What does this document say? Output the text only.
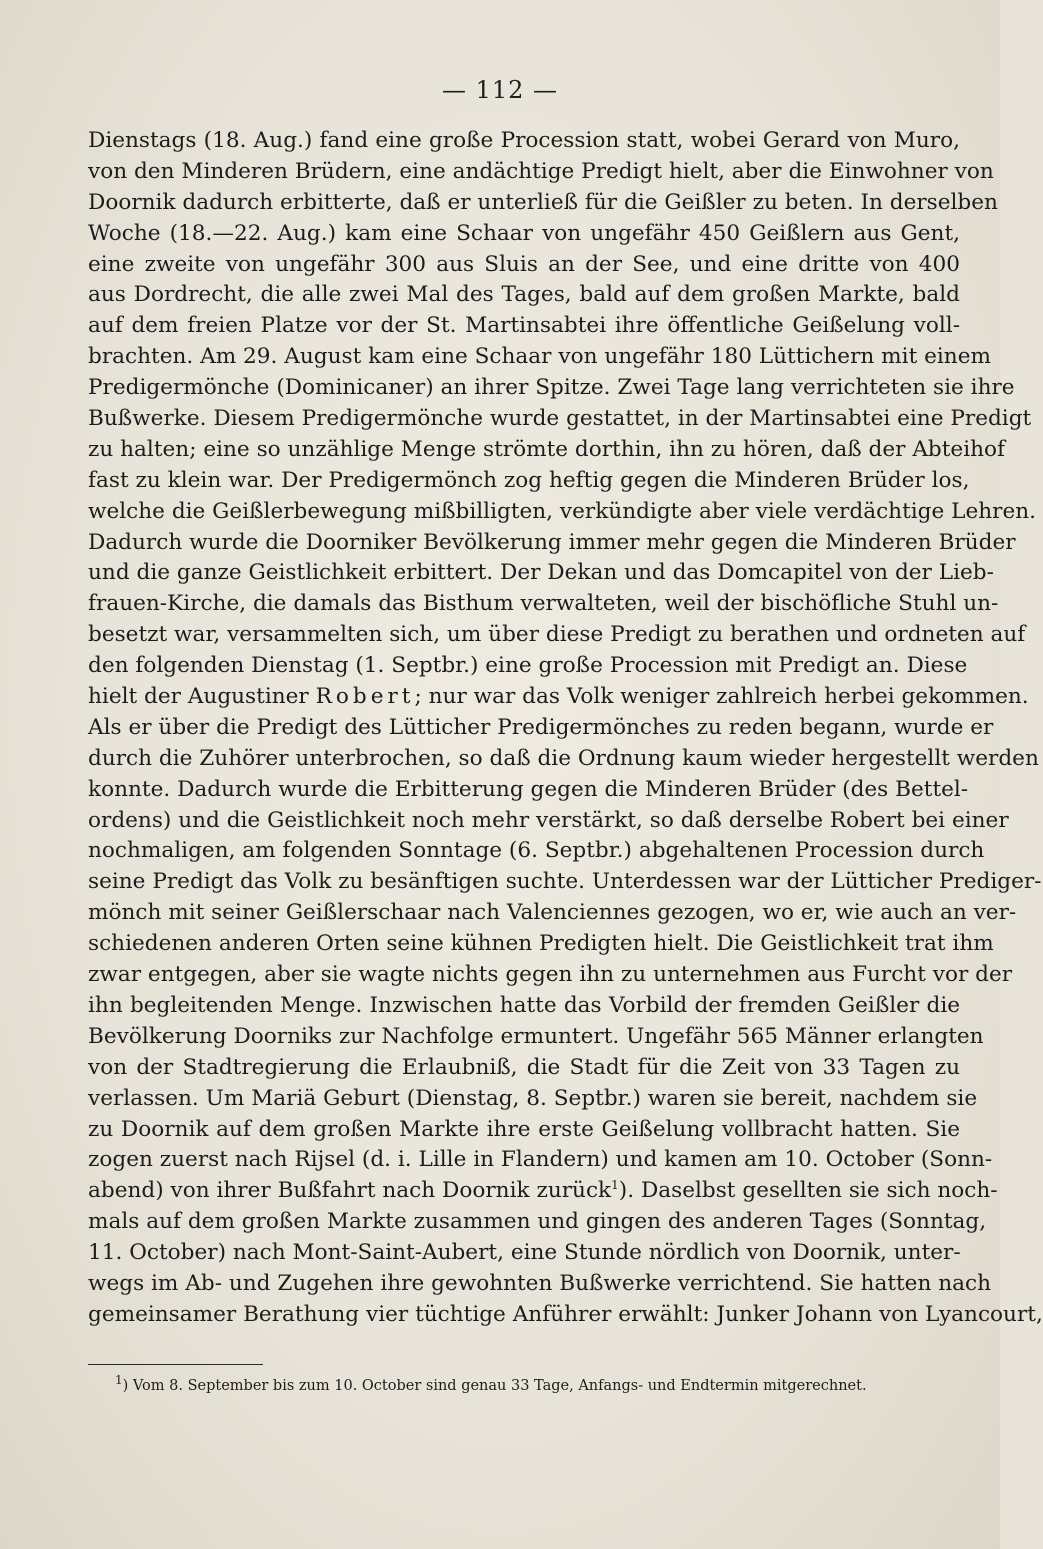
— 112 —
Dienstags (18. Aug.) fand eine große Procession statt, wobei Gerard von Muro,
von den Minderen Brüdern, eine andächtige Predigt hielt, aber die Einwohner von
Doornik dadurch erbitterte, daß er unterließ für die Geißler zu beten. In derselben
Woche (18.—22. Aug.) kam eine Schaar von ungefähr 450 Geißlern aus Gent,
eine zweite von ungefähr 300 aus Sluis an der See, und eine dritte von 400
aus Dordrecht, die alle zwei Mal des Tages, bald auf dem großen Markte, bald
auf dem freien Platze vor der St. Martinsabtei ihre öffentliche Geißelung voll-
brachten. Am 29. August kam eine Schaar von ungefähr 180 Lüttichern mit einem
Predigermönche (Dominicaner) an ihrer Spitze. Zwei Tage lang verrichteten sie ihre
Bußwerke. Diesem Predigermönche wurde gestattet, in der Martinsabtei eine Predigt
zu halten; eine so unzählige Menge strömte dorthin, ihn zu hören, daß der Abteihof
fast zu klein war. Der Predigermönch zog heftig gegen die Minderen Brüder los,
welche die Geißlerbewegung mißbilligten, verkündigte aber viele verdächtige Lehren.
Dadurch wurde die Doorniker Bevölkerung immer mehr gegen die Minderen Brüder
und die ganze Geistlichkeit erbittert. Der Dekan und das Domcapitel von der Lieb-
frauen-Kirche, die damals das Bisthum verwalteten, weil der bischöfliche Stuhl un-
besetzt war, versammelten sich, um über diese Predigt zu berathen und ordneten auf
den folgenden Dienstag (1. Septbr.) eine große Procession mit Predigt an. Diese
hielt der Augustiner Robert; nur war das Volk weniger zahlreich herbei gekommen.
Als er über die Predigt des Lütticher Predigermönches zu reden begann, wurde er
durch die Zuhörer unterbrochen, so daß die Ordnung kaum wieder hergestellt werden
konnte. Dadurch wurde die Erbitterung gegen die Minderen Brüder (des Bettel-
ordens) und die Geistlichkeit noch mehr verstärkt, so daß derselbe Robert bei einer
nochmaligen, am folgenden Sonntage (6. Septbr.) abgehaltenen Procession durch
seine Predigt das Volk zu besänftigen suchte. Unterdessen war der Lütticher Prediger-
mönch mit seiner Geißlerschaar nach Valenciennes gezogen, wo er, wie auch an ver-
schiedenen anderen Orten seine kühnen Predigten hielt. Die Geistlichkeit trat ihm
zwar entgegen, aber sie wagte nichts gegen ihn zu unternehmen aus Furcht vor der
ihn begleitenden Menge. Inzwischen hatte das Vorbild der fremden Geißler die
Bevölkerung Doorniks zur Nachfolge ermuntert. Ungefähr 565 Männer erlangten
von der Stadtregierung die Erlaubniß, die Stadt für die Zeit von 33 Tagen zu
verlassen. Um Mariä Geburt (Dienstag, 8. Septbr.) waren sie bereit, nachdem sie
zu Doornik auf dem großen Markte ihre erste Geißelung vollbracht hatten. Sie
zogen zuerst nach Rijsel (d. i. Lille in Flandern) und kamen am 10. October (Sonn-
abend) von ihrer Bußfahrt nach Doornik zurück$^1$). Daselbst gesellten sie sich noch-
mals auf dem großen Markte zusammen und gingen des anderen Tages (Sonntag,
11. October) nach Mont-Saint-Aubert, eine Stunde nördlich von Doornik, unter-
wegs im Ab- und Zugehen ihre gewohnten Bußwerke verrichtend. Sie hatten nach
gemeinsamer Berathung vier tüchtige Anführer erwählt: Junker Johann von Lyancourt,
$^1$) Vom 8. September bis zum 10. October sind genau 33 Tage, Anfangs- und Endtermin mitgerechnet.
